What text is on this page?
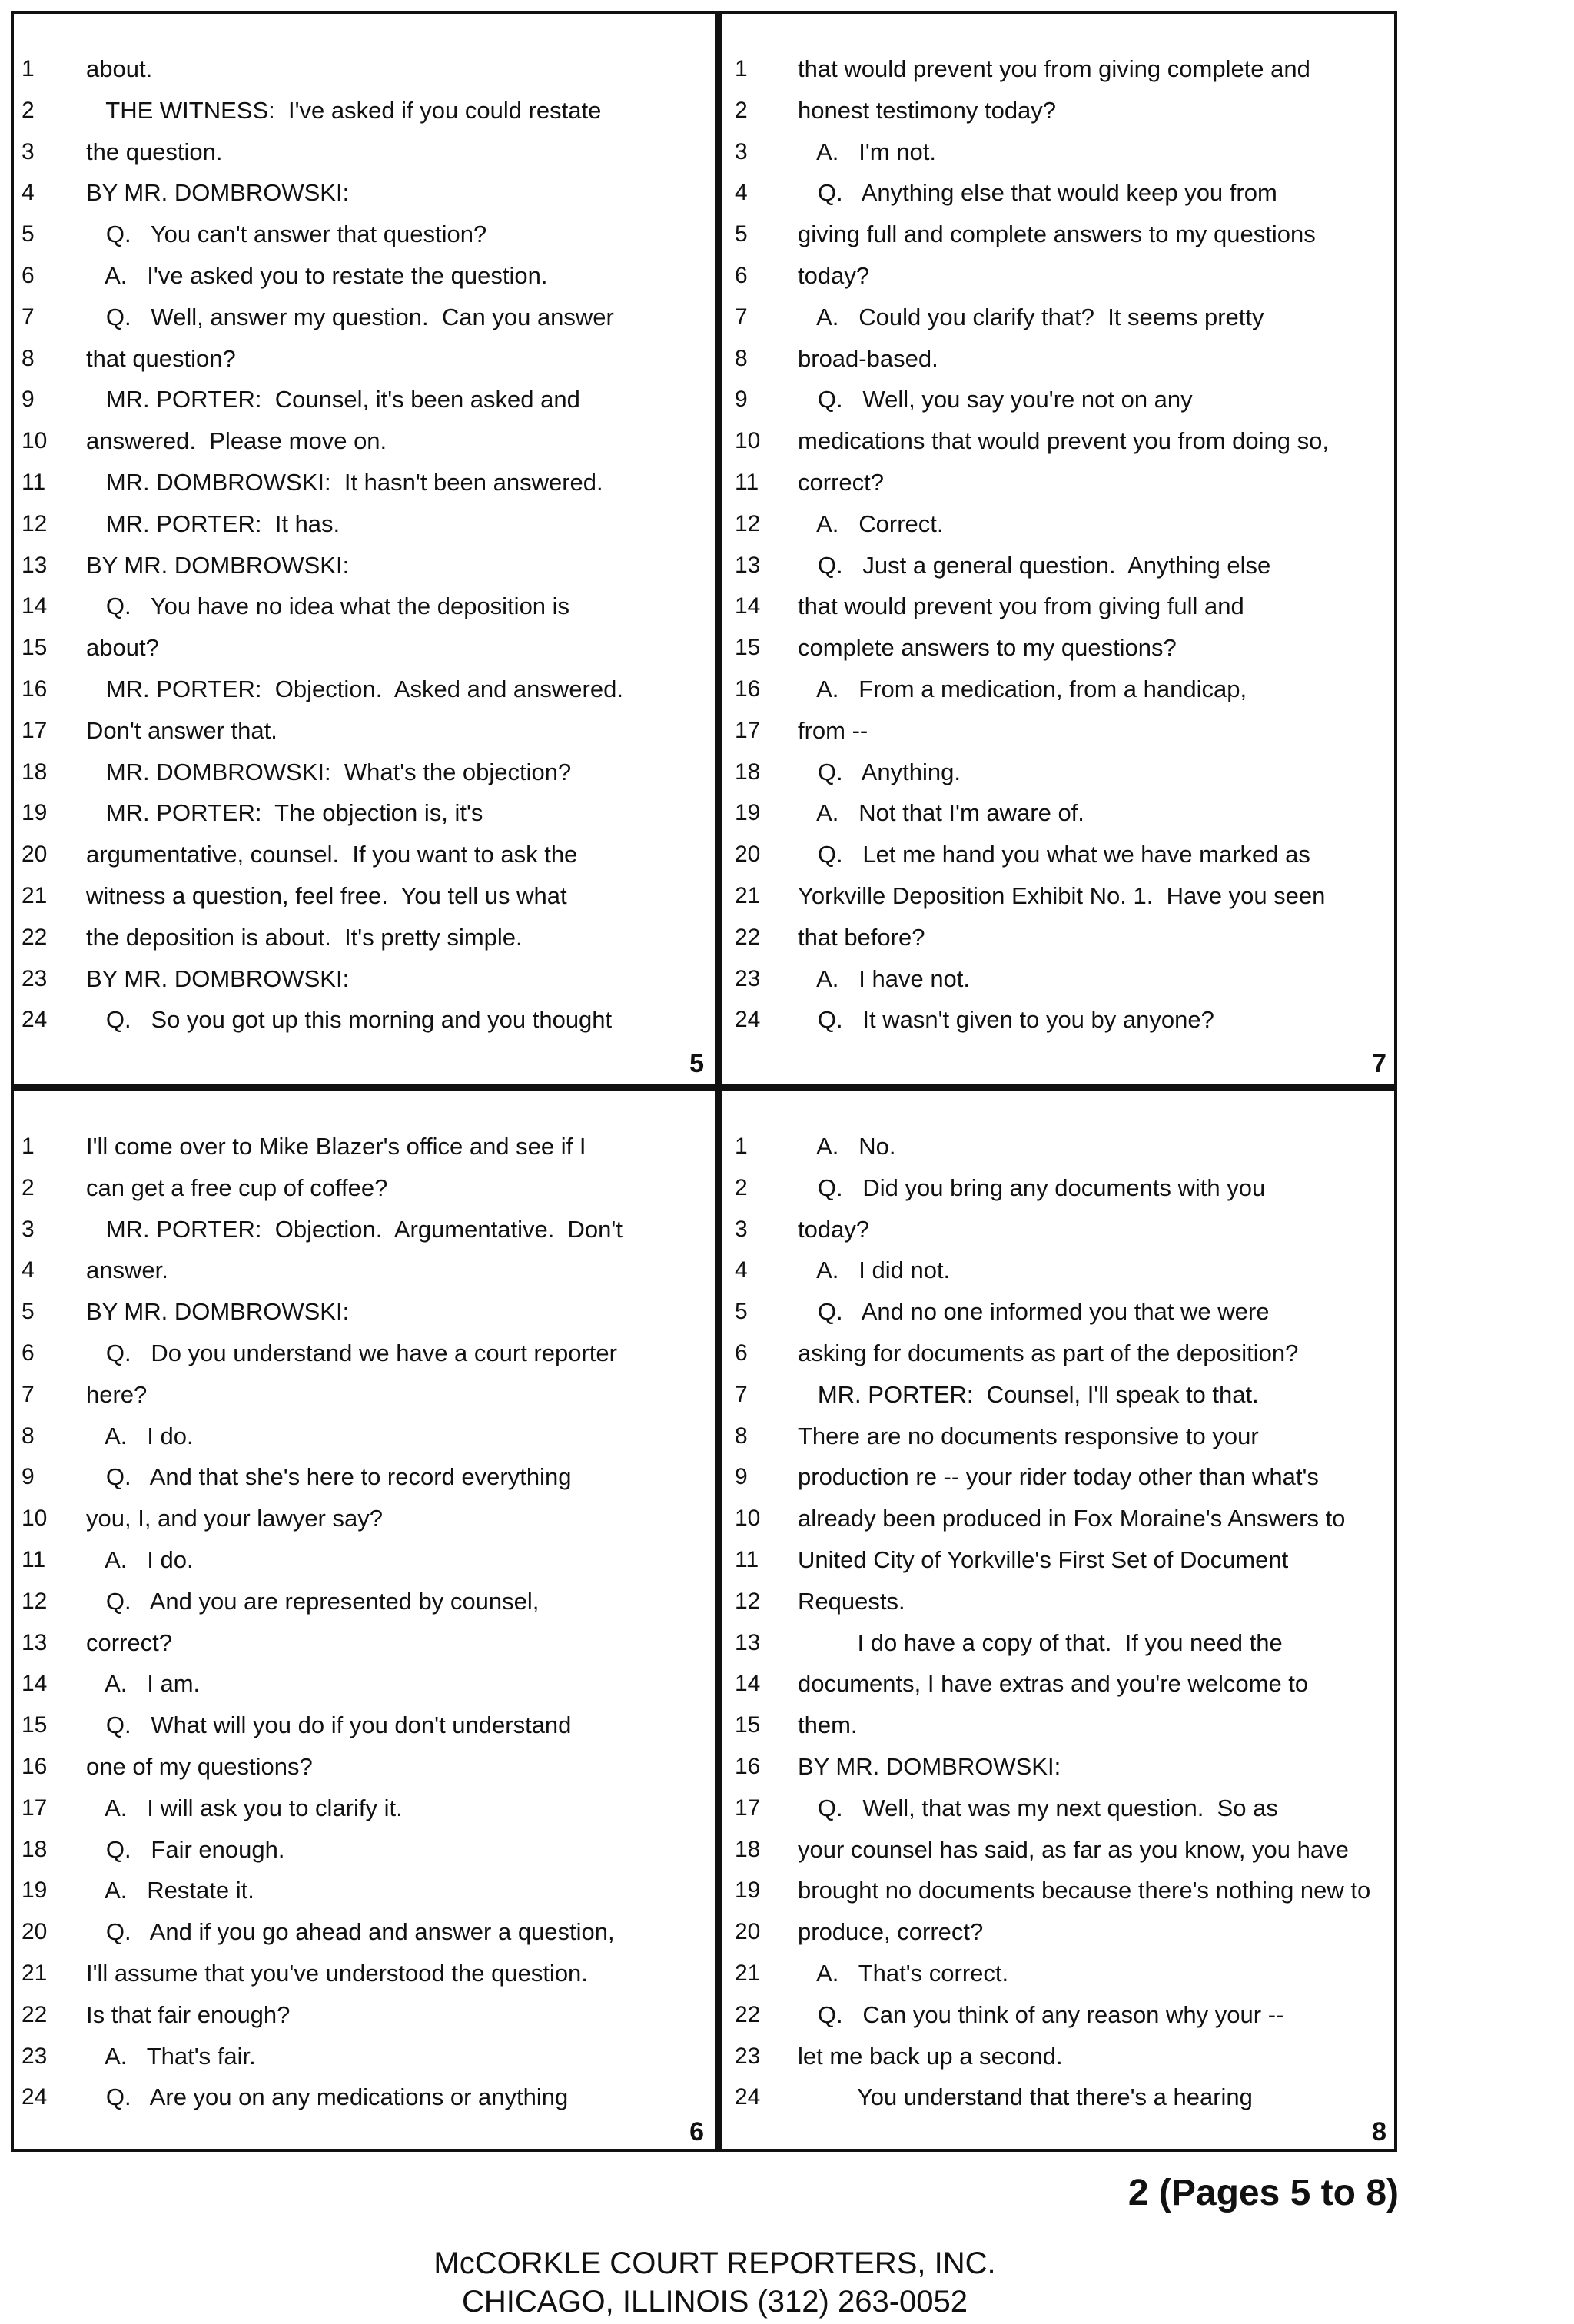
1	about.
2	THE WITNESS:  I've asked if you could restate
3	the question.
4	BY MR. DOMBROWSKI:
5	Q.   You can't answer that question?
6	A.   I've asked you to restate the question.
7	Q.   Well, answer my question.  Can you answer
8	that question?
9	MR. PORTER:  Counsel, it's been asked and
10	answered.  Please move on.
11	MR. DOMBROWSKI:  It hasn't been answered.
12	MR. PORTER:  It has.
13	BY MR. DOMBROWSKI:
14	Q.   You have no idea what the deposition is
15	about?
16	MR. PORTER:  Objection.  Asked and answered.
17	Don't answer that.
18	MR. DOMBROWSKI:  What's the objection?
19	MR. PORTER:  The objection is, it's
20	argumentative, counsel.  If you want to ask the
21	witness a question, feel free.  You tell us what
22	the deposition is about.  It's pretty simple.
23	BY MR. DOMBROWSKI:
24	Q.   So you got up this morning and you thought
5
1	that would prevent you from giving complete and
2	honest testimony today?
3	A.   I'm not.
4	Q.   Anything else that would keep you from
5	giving full and complete answers to my questions
6	today?
7	A.   Could you clarify that?  It seems pretty
8	broad-based.
9	Q.   Well, you say you're not on any
10	medications that would prevent you from doing so,
11	correct?
12	A.   Correct.
13	Q.   Just a general question.  Anything else
14	that would prevent you from giving full and
15	complete answers to my questions?
16	A.   From a medication, from a handicap,
17	from --
18	Q.   Anything.
19	A.   Not that I'm aware of.
20	Q.   Let me hand you what we have marked as
21	Yorkville Deposition Exhibit No. 1.  Have you seen
22	that before?
23	A.   I have not.
24	Q.   It wasn't given to you by anyone?
7
1	I'll come over to Mike Blazer's office and see if I
2	can get a free cup of coffee?
3	MR. PORTER:  Objection.  Argumentative.  Don't
4	answer.
5	BY MR. DOMBROWSKI:
6	Q.   Do you understand we have a court reporter
7	here?
8	A.   I do.
9	Q.   And that she's here to record everything
10	you, I, and your lawyer say?
11	A.   I do.
12	Q.   And you are represented by counsel,
13	correct?
14	A.   I am.
15	Q.   What will you do if you don't understand
16	one of my questions?
17	A.   I will ask you to clarify it.
18	Q.   Fair enough.
19	A.   Restate it.
20	Q.   And if you go ahead and answer a question,
21	I'll assume that you've understood the question.
22	Is that fair enough?
23	A.   That's fair.
24	Q.   Are you on any medications or anything
6
1	A.   No.
2	Q.   Did you bring any documents with you
3	today?
4	A.   I did not.
5	Q.   And no one informed you that we were
6	asking for documents as part of the deposition?
7	MR. PORTER:  Counsel, I'll speak to that.
8	There are no documents responsive to your
9	production re -- your rider today other than what's
10	already been produced in Fox Moraine's Answers to
11	United City of Yorkville's First Set of Document
12	Requests.
13	I do have a copy of that.  If you need the
14	documents, I have extras and you're welcome to
15	them.
16	BY MR. DOMBROWSKI:
17	Q.   Well, that was my next question.  So as
18	your counsel has said, as far as you know, you have
19	brought no documents because there's nothing new to
20	produce, correct?
21	A.   That's correct.
22	Q.   Can you think of any reason why your --
23	let me back up a second.
24	You understand that there's a hearing
8
2 (Pages 5 to 8)
McCORKLE COURT REPORTERS, INC.
CHICAGO, ILLINOIS (312) 263-0052
